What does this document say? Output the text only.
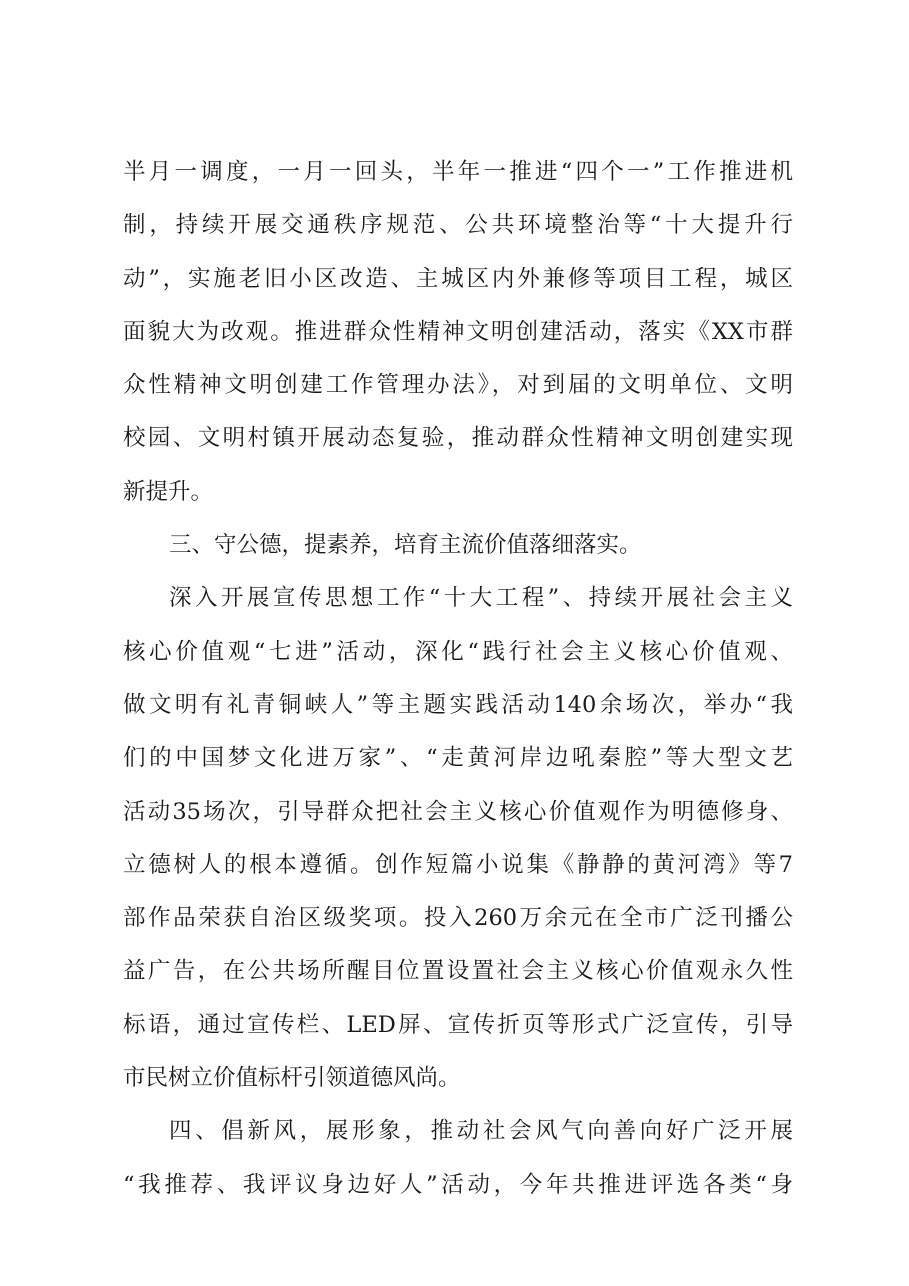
半月一调度，一月一回头，半年一推进“四个一”工作推进机
制，持续开展交通秩序规范、公共环境整治等“十大提升行
动”，实施老旧小区改造、主城区内外兼修等项目工程，城区
面貌大为改观。推进群众性精神文明创建活动，落实《XX市群
众性精神文明创建工作管理办法》，对到届的文明单位、文明
校园、文明村镇开展动态复验，推动群众性精神文明创建实现
新提升。
三、守公德，提素养，培育主流价值落细落实。
深入开展宣传思想工作“十大工程”、持续开展社会主义
核心价值观“七进”活动，深化“践行社会主义核心价值观、
做文明有礼青铜峡人”等主题实践活动140余场次，举办“我
们的中国梦文化进万家”、“走黄河岸边吼秦腔”等大型文艺
活动35场次，引导群众把社会主义核心价值观作为明德修身、
立德树人的根本遵循。创作短篇小说集《静静的黄河湾》等7
部作品荣获自治区级奖项。投入260万余元在全市广泛刊播公
益广告，在公共场所醒目位置设置社会主义核心价值观永久性
标语，通过宣传栏、LED屏、宣传折页等形式广泛宣传，引导
市民树立价值标杆引领道德风尚。
四、倡新风，展形象，推动社会风气向善向好广泛开展
“我推荐、我评议身边好人”活动，今年共推进评选各类“身
